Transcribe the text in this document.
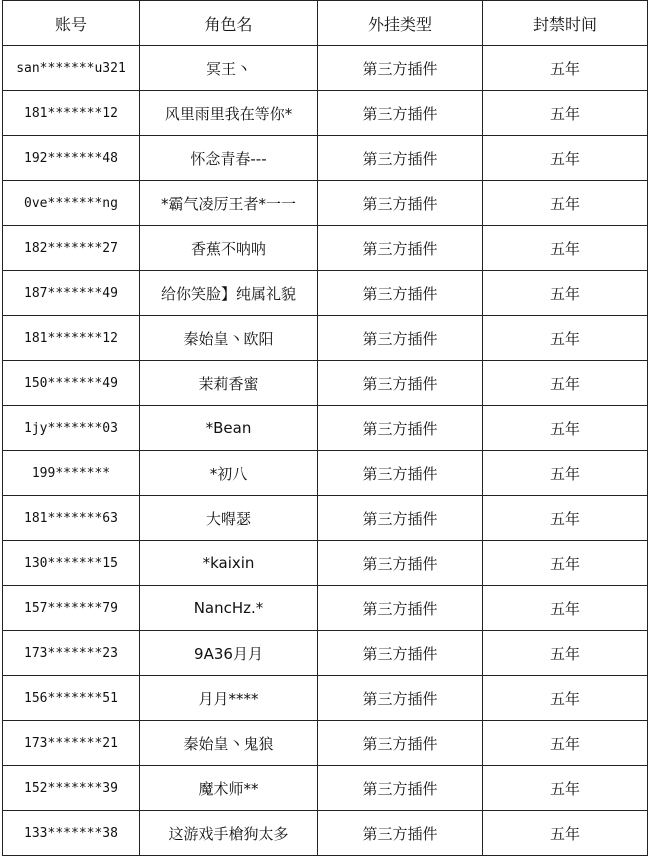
账号	角色名	外挂类型	封禁时间
san*******u321	冥王丶	第三方插件	五年
181*******12	风里雨里我在等你*	第三方插件	五年
192*******48	怀念青春---	第三方插件	五年
0ve*******ng	*霸气凌厉王者*一一	第三方插件	五年
182*******27	香蕉不呐呐	第三方插件	五年
187*******49	给你笑脸】纯属礼貌	第三方插件	五年
181*******12	秦始皇丶欧阳	第三方插件	五年
150*******49	茉莉香蜜	第三方插件	五年
1jy*******03	*Bean	第三方插件	五年
199*******	*初八	第三方插件	五年
181*******63	大嘚瑟	第三方插件	五年
130*******15	*kaixin	第三方插件	五年
157*******79	NancHz.*	第三方插件	五年
173*******23	9A36月月	第三方插件	五年
156*******51	月月****	第三方插件	五年
173*******21	秦始皇丶鬼狼	第三方插件	五年
152*******39	魔术师**	第三方插件	五年
133*******38	这游戏手槍狗太多	第三方插件	五年
